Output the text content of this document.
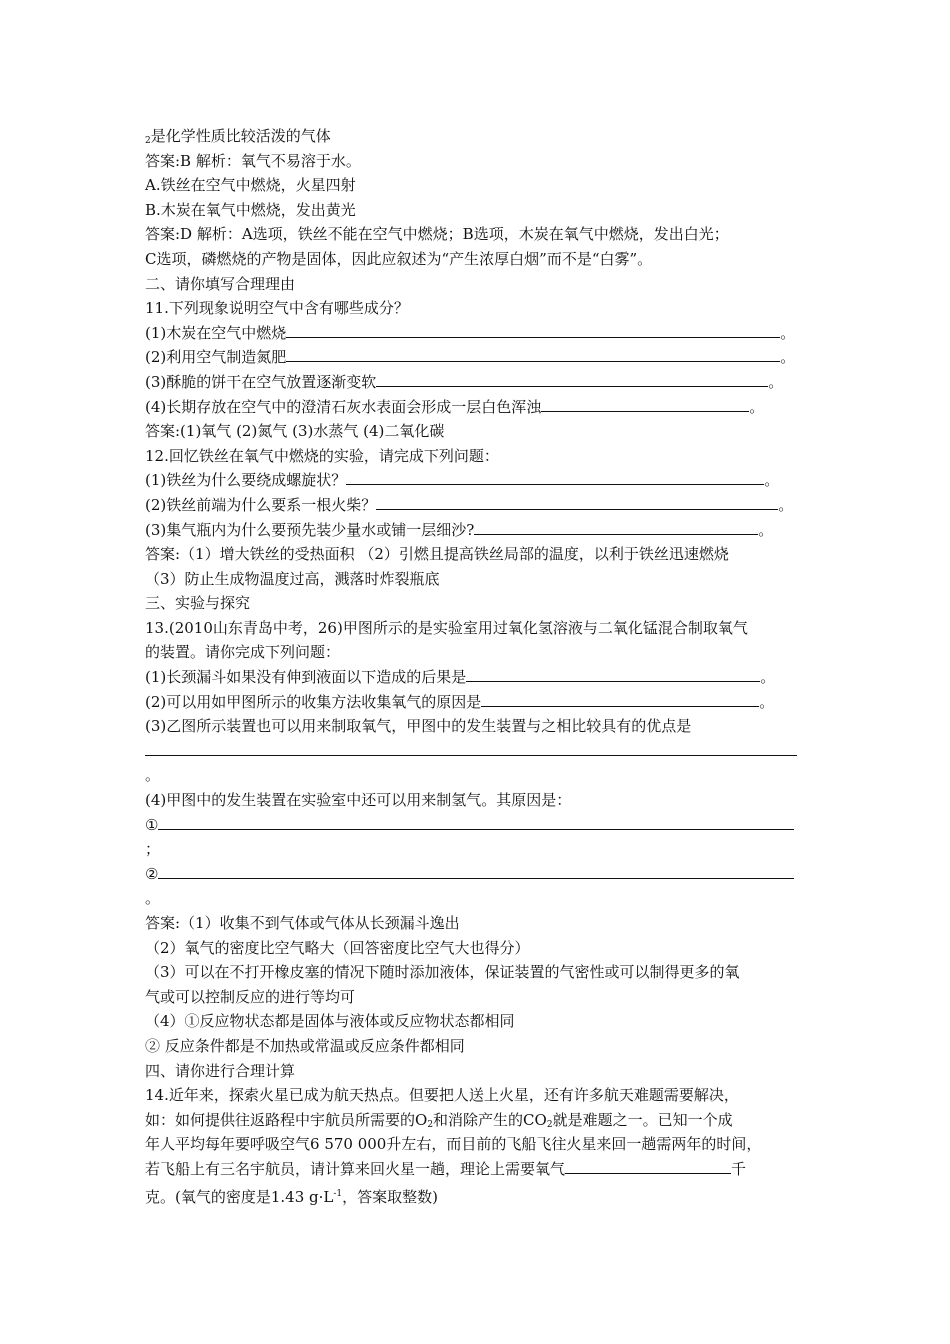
$_2$是化学性质比较活泼的气体
答案:B 解析：氧气不易溶于水。
A.铁丝在空气中燃烧，火星四射
B.木炭在氧气中燃烧，发出黄光
答案:D 解析：A选项，铁丝不能在空气中燃烧；B选项，木炭在氧气中燃烧，发出白光；
C选项，磷燃烧的产物是固体，因此应叙述为“产生浓厚白烟”而不是“白雾”。
二、请你填写合理理由
11.下列现象说明空气中含有哪些成分？
(1)木炭在空气中燃烧	。
(2)利用空气制造氮肥	。
(3)酥脆的饼干在空气放置逐渐变软	。
(4)长期存放在空气中的澄清石灰水表面会形成一层白色浑浊	。
答案:(1)氧气 (2)氮气 (3)水蒸气 (4)二氧化碳
12.回忆铁丝在氧气中燃烧的实验，请完成下列问题：
(1)铁丝为什么要绕成螺旋状？	。
(2)铁丝前端为什么要系一根火柴？	。
(3)集气瓶内为什么要预先装少量水或铺一层细沙?	。
答案:（1）增大铁丝的受热面积 （2）引燃且提高铁丝局部的温度，以利于铁丝迅速燃烧
（3）防止生成物温度过高，溅落时炸裂瓶底
三、实验与探究
13.(2010山东青岛中考，26)甲图所示的是实验室用过氧化氢溶液与二氧化锰混合制取氧气
的装置。请你完成下列问题：
(1)长颈漏斗如果没有伸到液面以下造成的后果是	。
(2)可以用如甲图所示的收集方法收集氧气的原因是	。
(3)乙图所示装置也可以用来制取氧气，甲图中的发生装置与之相比较具有的优点是
。
(4)甲图中的发生装置在实验室中还可以用来制氢气。其原因是：
①
；
②
。
答案:（1）收集不到气体或气体从长颈漏斗逸出
（2）氧气的密度比空气略大（回答密度比空气大也得分）
（3）可以在不打开橡皮塞的情况下随时添加液体，保证装置的气密性或可以制得更多的氧
气或可以控制反应的进行等均可
（4）①反应物状态都是固体与液体或反应物状态都相同
② 反应条件都是不加热或常温或反应条件都相同
四、请你进行合理计算
14.近年来，探索火星已成为航天热点。但要把人送上火星，还有许多航天难题需要解决，
如：如何提供往返路程中宇航员所需要的$O_2$和消除产生的$CO_2$就是难题之一。已知一个成
年人平均每年要呼吸空气6 570 000升左右，而目前的飞船飞往火星来回一趟需两年的时间，
若飞船上有三名宇航员，请计算来回火星一趟，理论上需要氧气	千
克。(氧气的密度是1.43 $g\cdot L^{-1}$，答案取整数)
